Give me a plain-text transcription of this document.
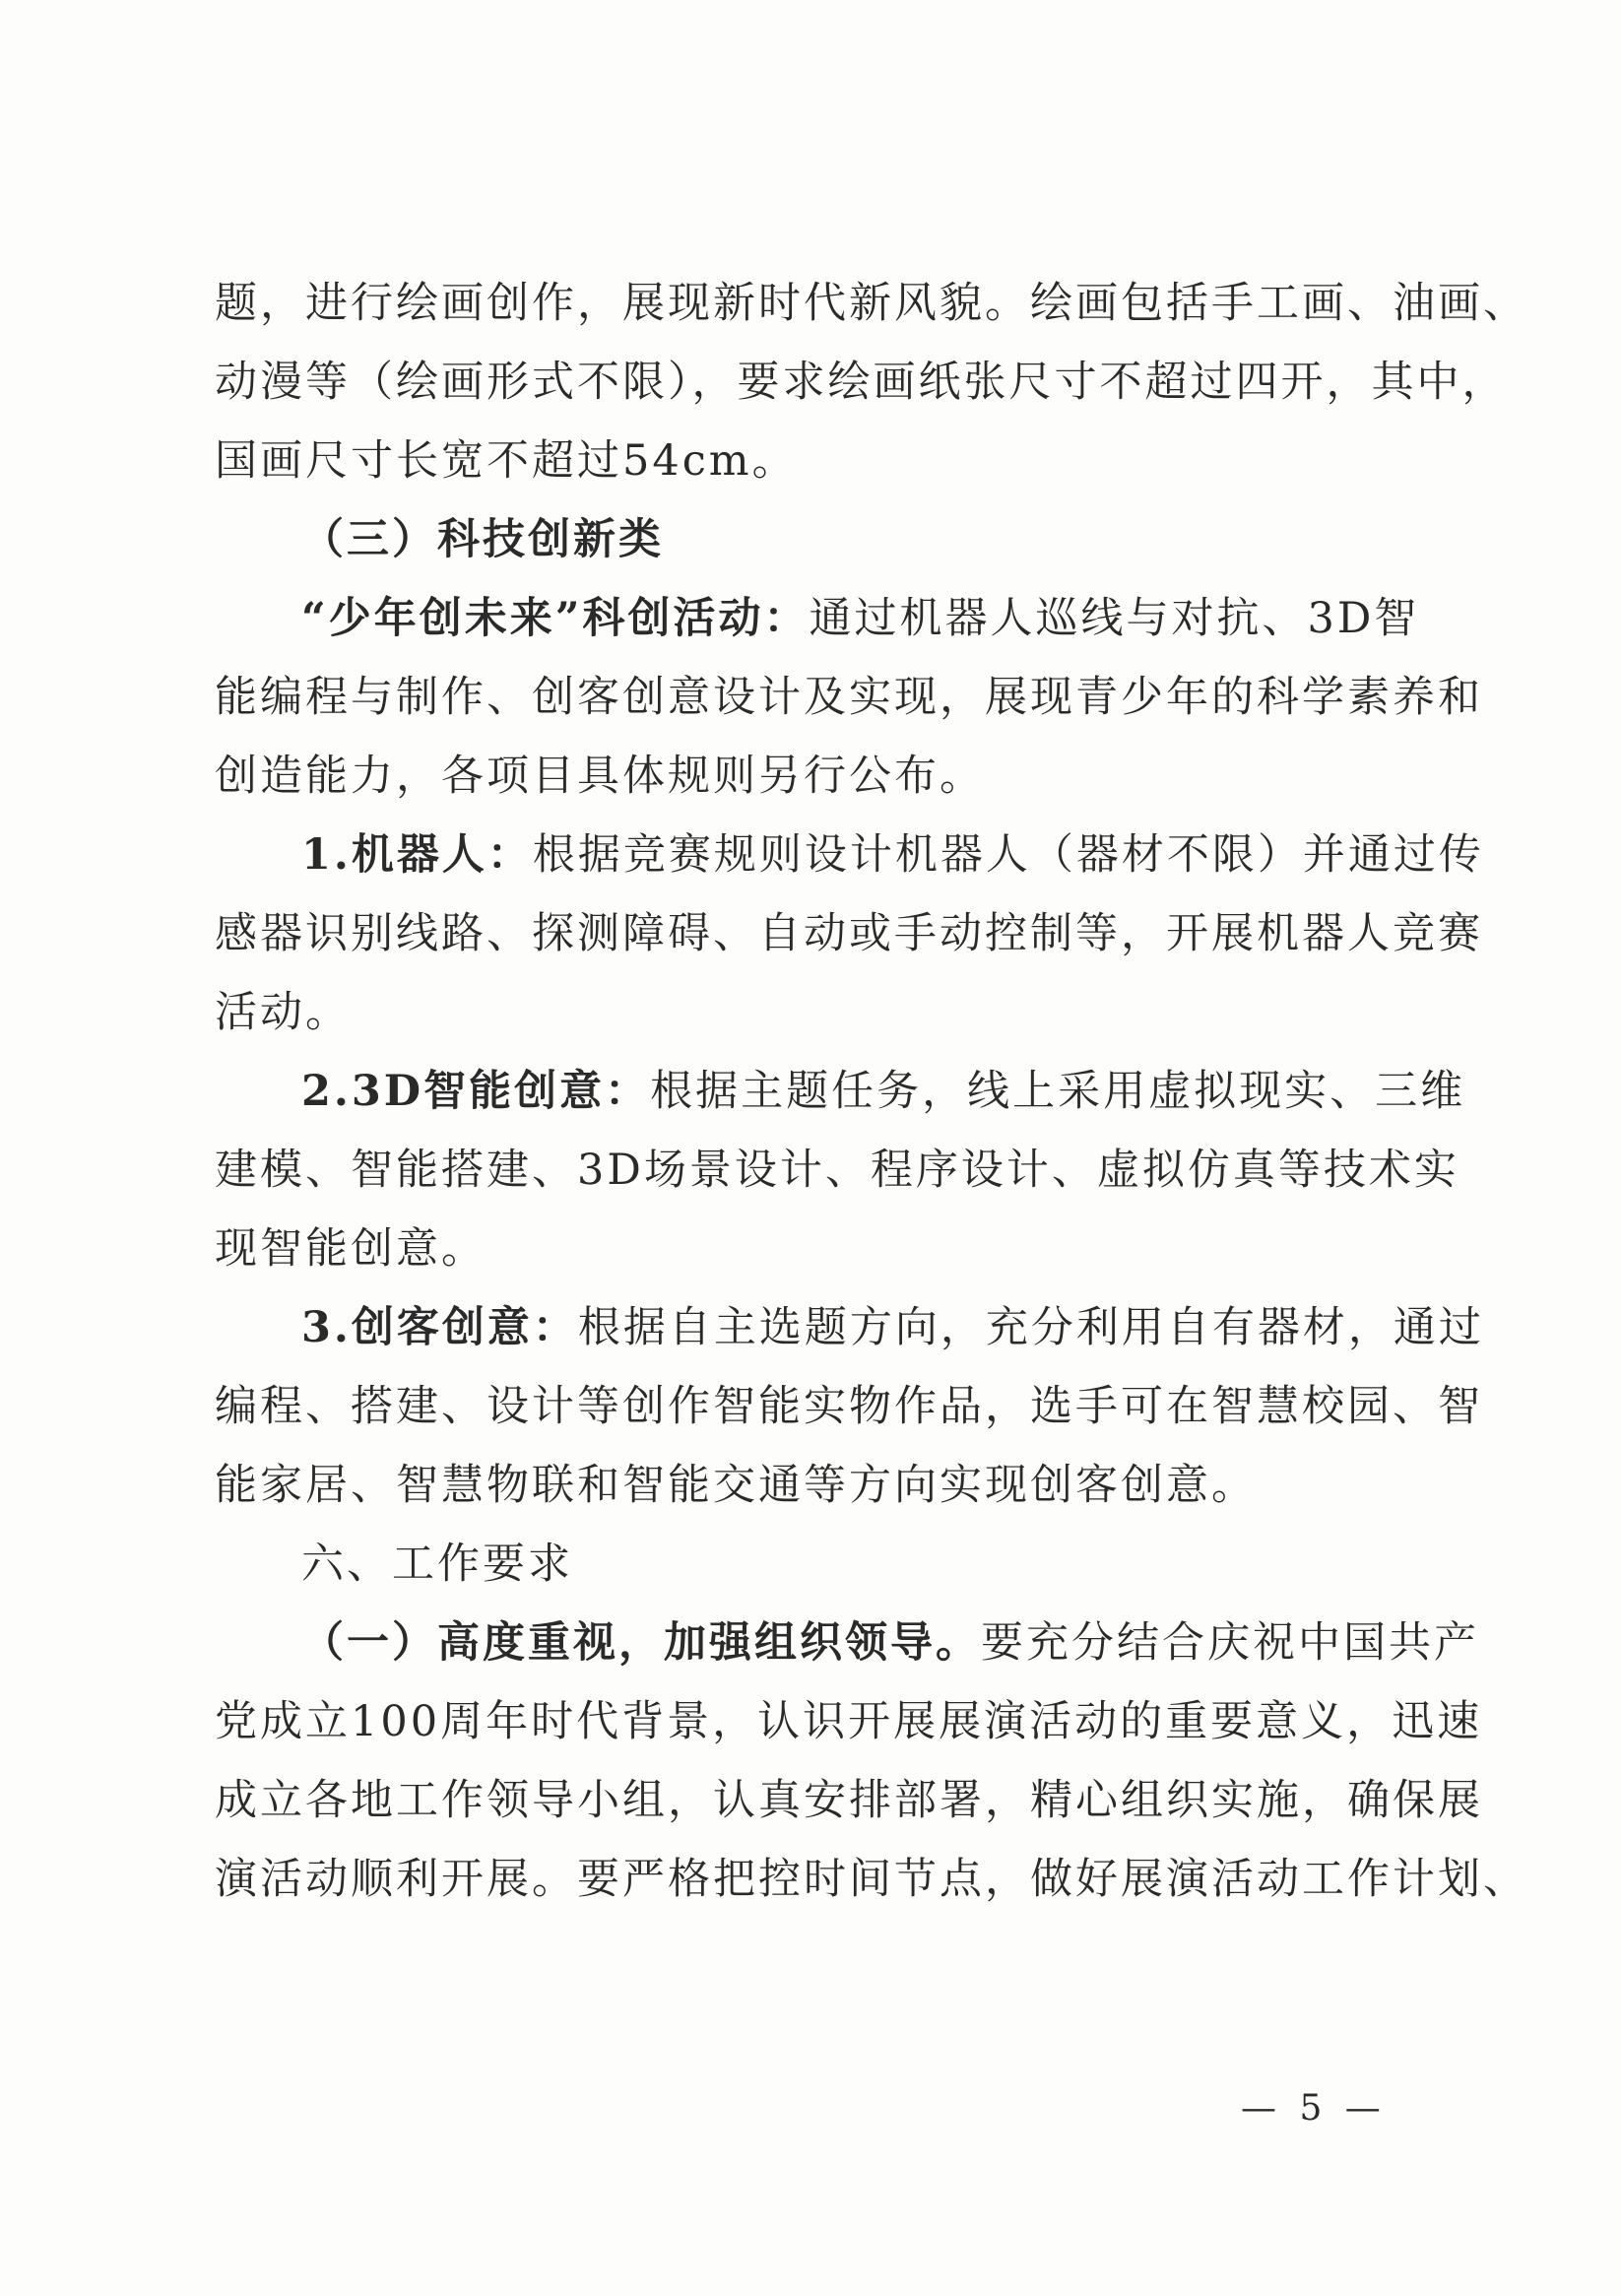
题，进行绘画创作，展现新时代新风貌。绘画包括手工画、油画、
动漫等（绘画形式不限），要求绘画纸张尺寸不超过四开，其中，
国画尺寸长宽不超过54cm。
（三）科技创新类
“少年创未来”科创活动：通过机器人巡线与对抗、3D智
能编程与制作、创客创意设计及实现，展现青少年的科学素养和
创造能力，各项目具体规则另行公布。
1.机器人：根据竞赛规则设计机器人（器材不限）并通过传
感器识别线路、探测障碍、自动或手动控制等，开展机器人竞赛
活动。
2.3D智能创意：根据主题任务，线上采用虚拟现实、三维
建模、智能搭建、3D场景设计、程序设计、虚拟仿真等技术实
现智能创意。
3.创客创意：根据自主选题方向，充分利用自有器材，通过
编程、搭建、设计等创作智能实物作品，选手可在智慧校园、智
能家居、智慧物联和智能交通等方向实现创客创意。
六、工作要求
（一）高度重视，加强组织领导。要充分结合庆祝中国共产
党成立100周年时代背景，认识开展展演活动的重要意义，迅速
成立各地工作领导小组，认真安排部署，精心组织实施，确保展
演活动顺利开展。要严格把控时间节点，做好展演活动工作计划、
— 5 —
